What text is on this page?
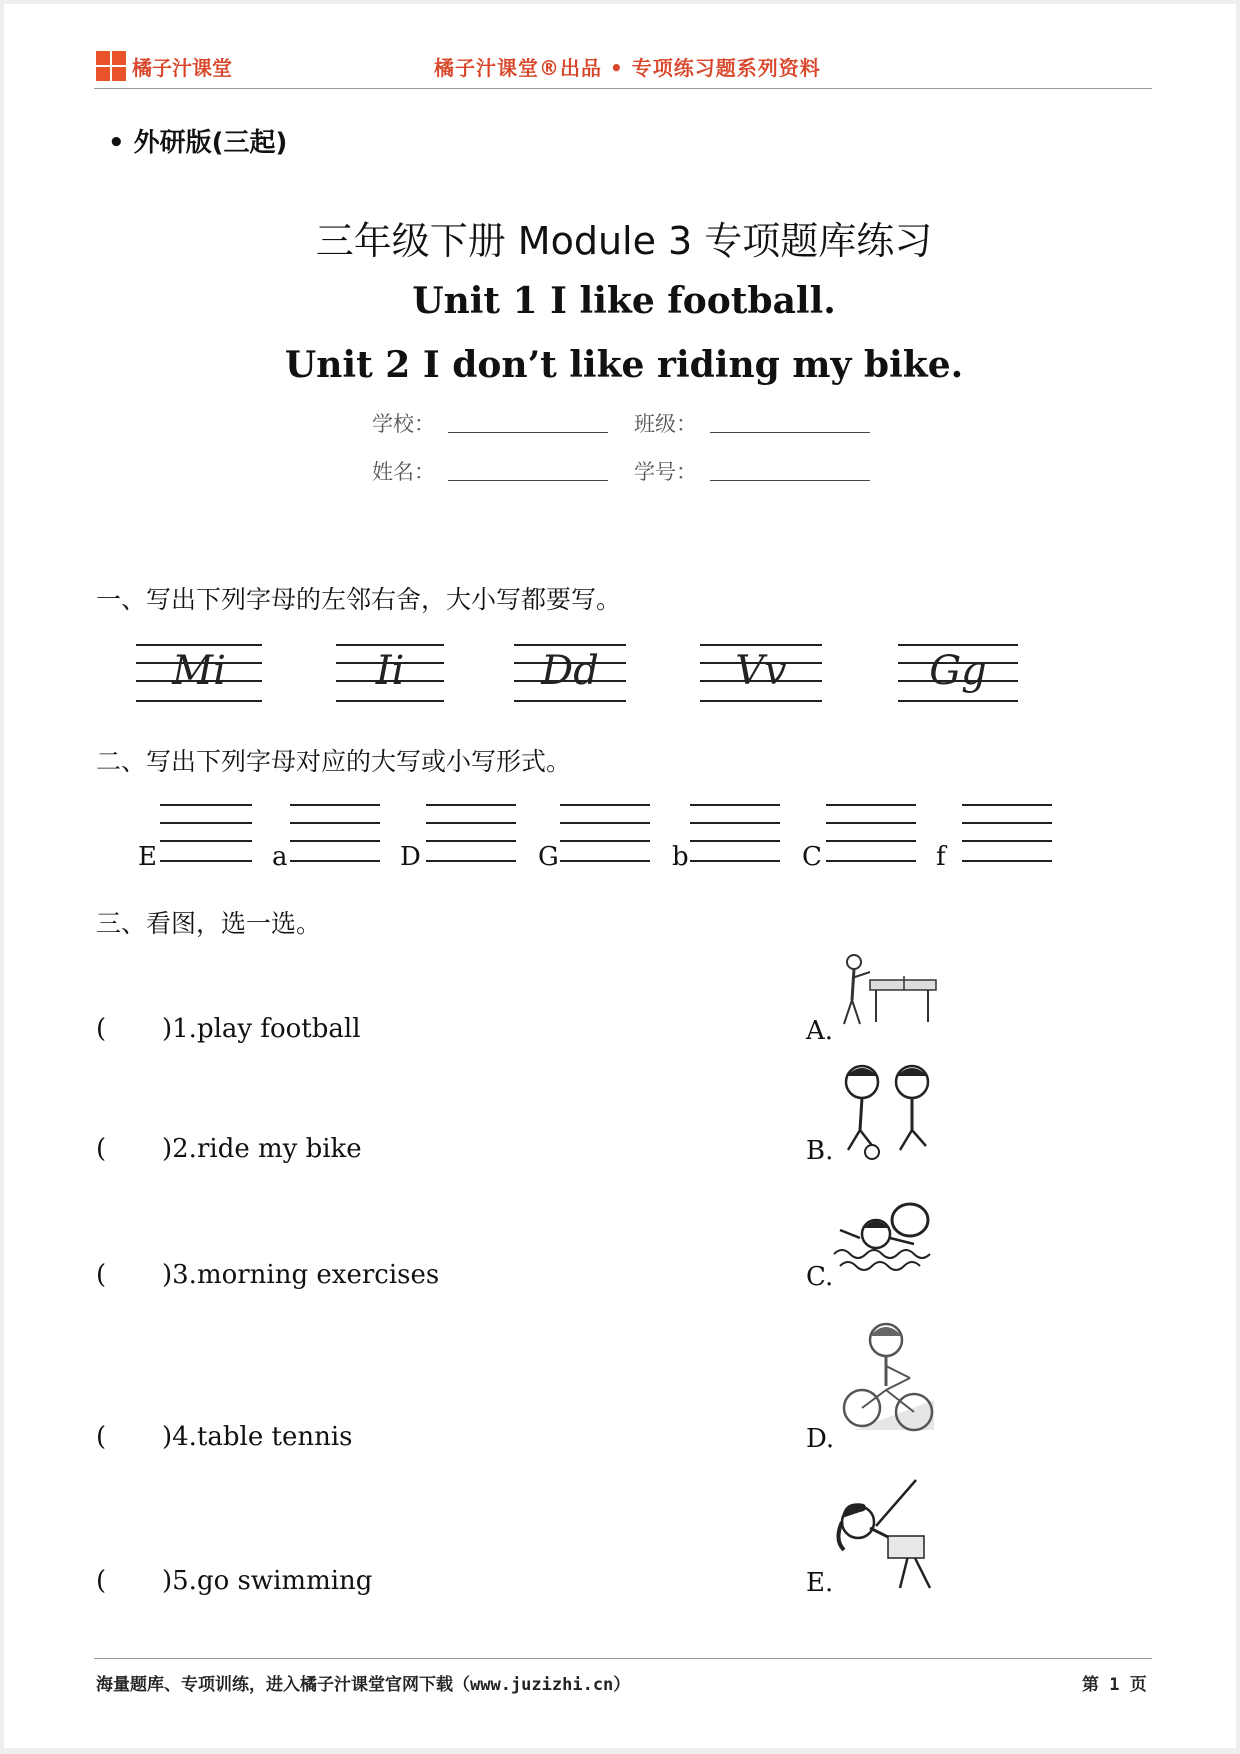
橘子汁课堂	橘子汁课堂®出品 • 专项练习题系列资料
• 外研版(三起)
三年级下册 Module 3 专项题库练习
Unit 1 I like football.
Unit 2 I don’t like riding my bike.
学校：	班级：
姓名：	学号：
一、写出下列字母的左邻右舍，大小写都要写。
Mi	Ii	Dd	Vv	Gg
二、写出下列字母对应的大写或小写形式。
E	a	D	G	b	C	f
三、看图，选一选。
( )1.play football	A.
( )2.ride my bike	B.
( )3.morning exercises	C.
( )4.table tennis	D.
( )5.go swimming	E.
海量题库、专项训练，进入橘子汁课堂官网下载（www.juzizhi.cn）	第 1 页
